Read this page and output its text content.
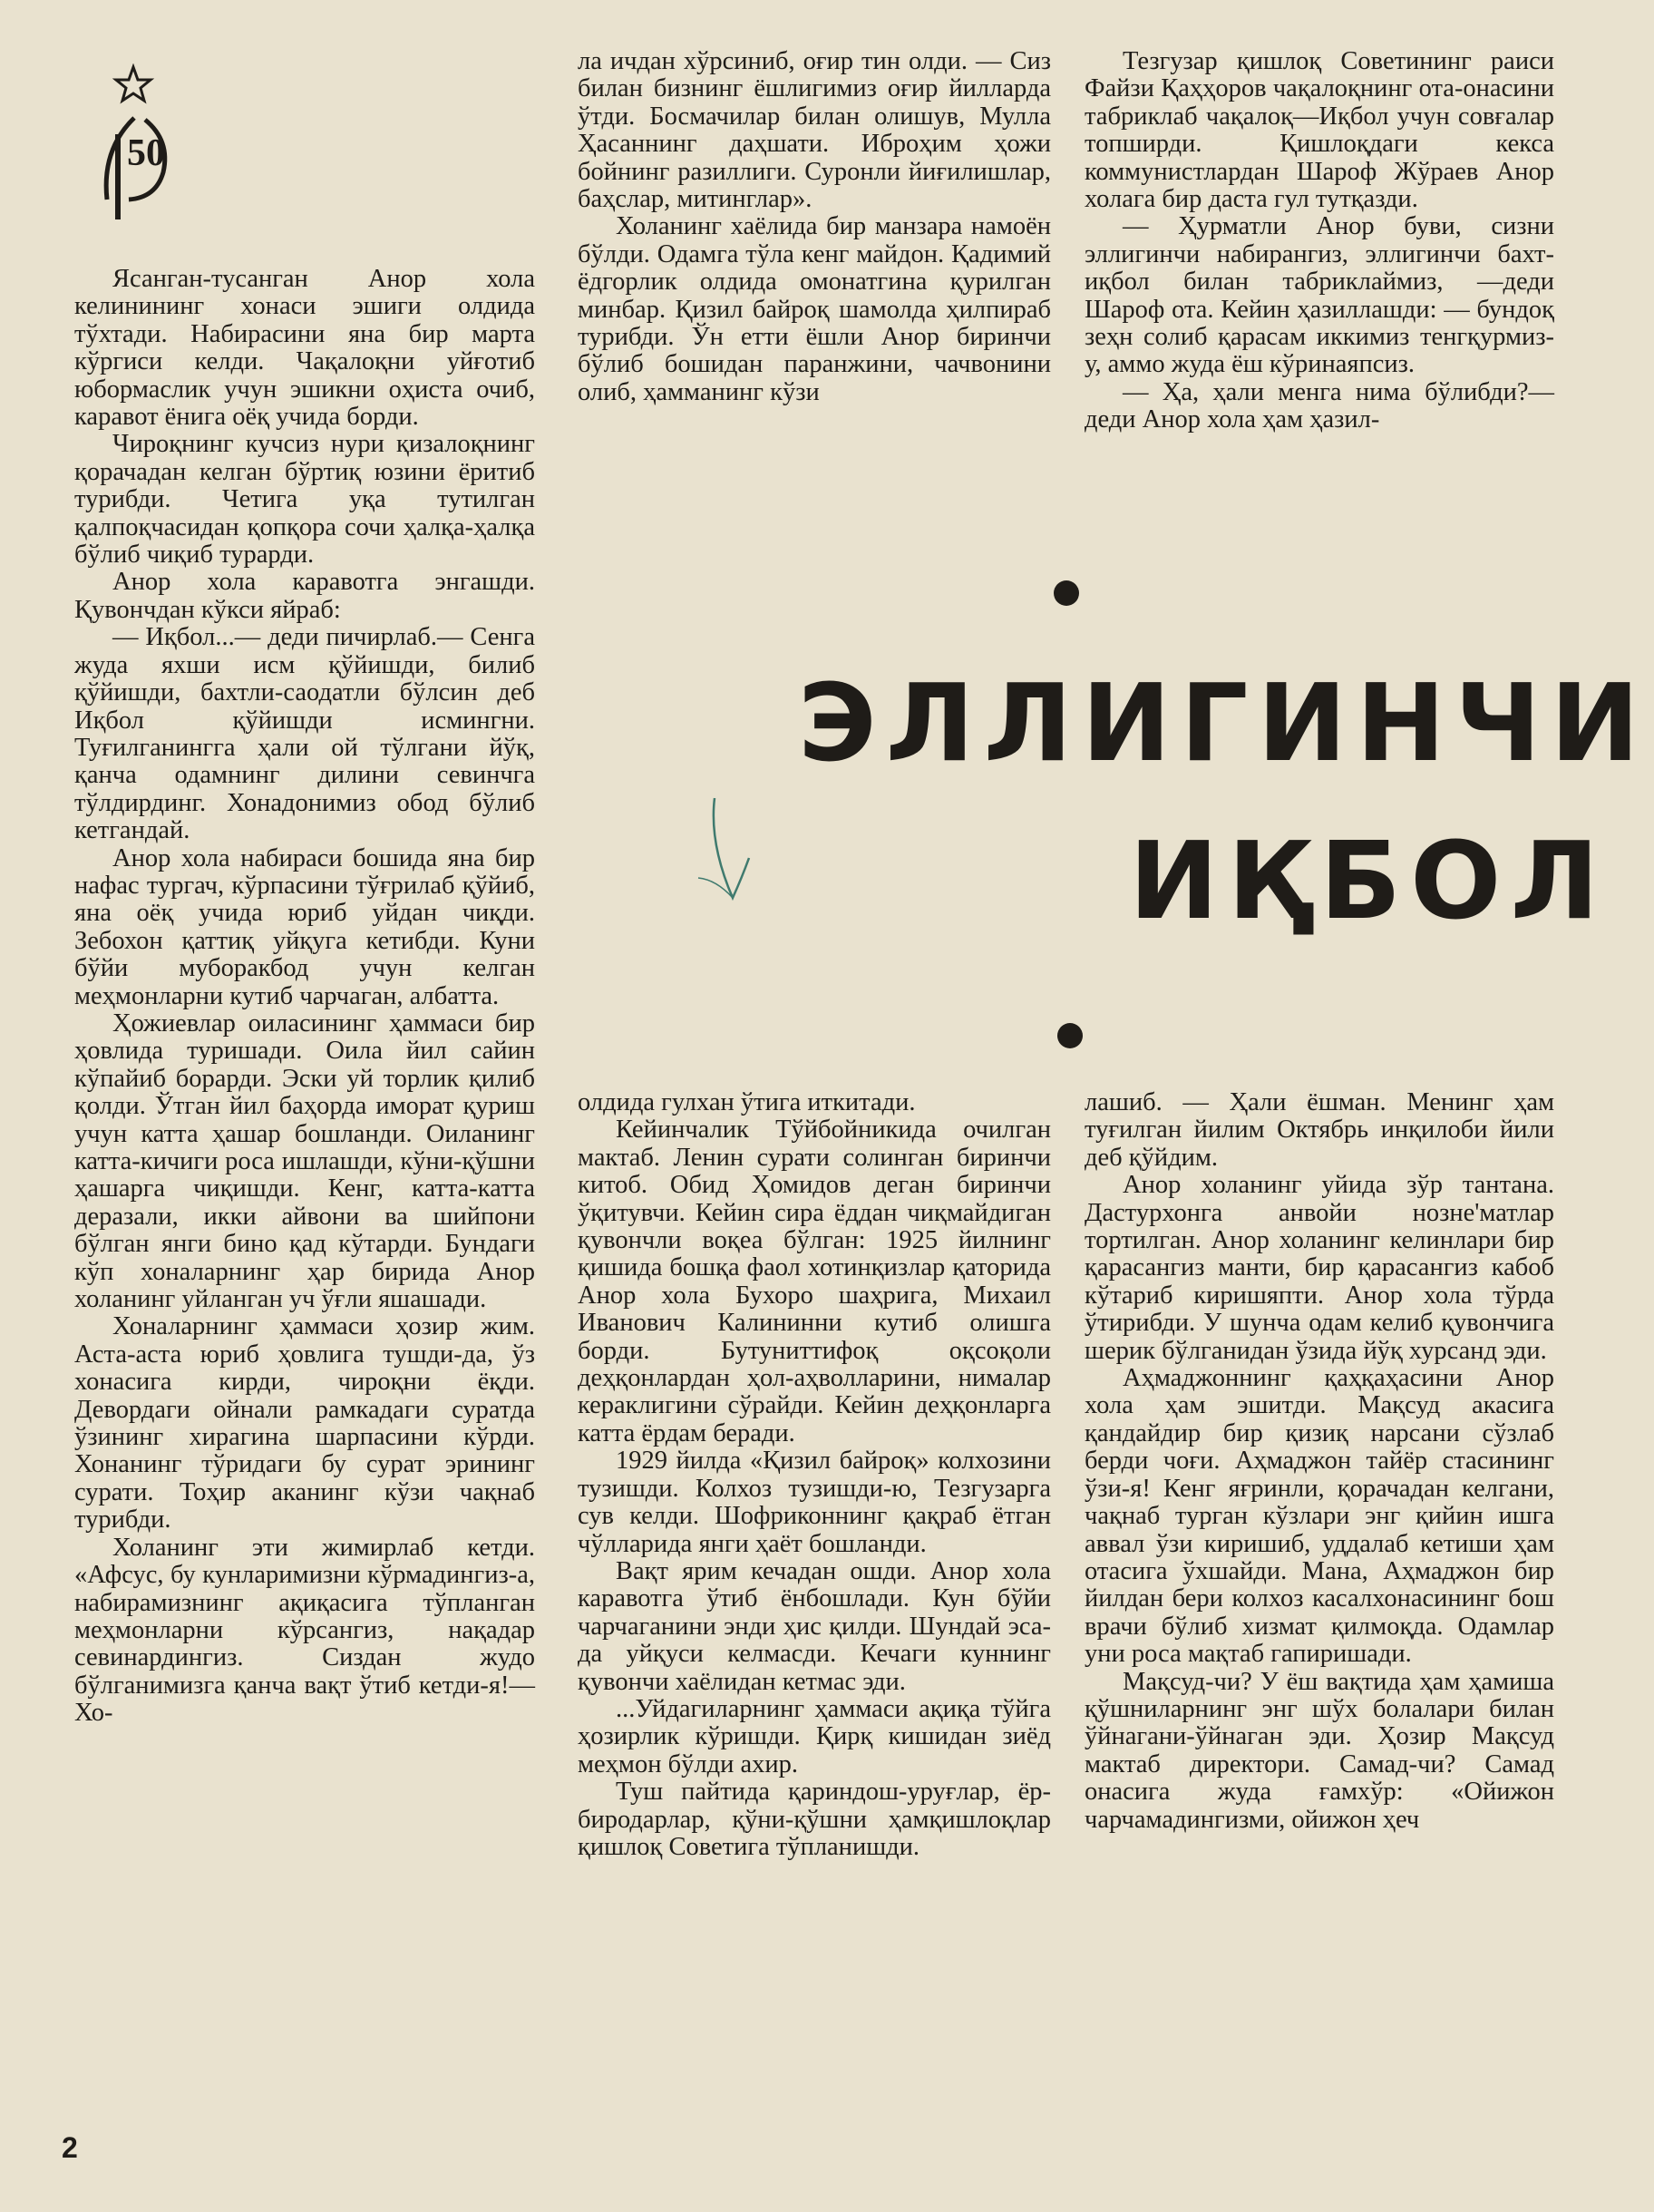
50

Ясанган-тусанган Анор хола келинининг хонаси эшиги олдида тўхтади. Набирасини яна бир марта кўргиси келди. Чақалоқни уйғотиб юбормаслик учун эшикни оҳиста очиб, каравот ёнига оёқ учида борди.

Чироқнинг кучсиз нури қизалоқнинг қорачадан келган бўртиқ юзини ёритиб турибди. Четига уқа тутилган қалпоқчасидан қопқора сочи ҳалқа-ҳалқа бўлиб чиқиб турарди.

Анор хола каравотга энгашди. Қувончдан кўкси яйраб:

— Иқбол...— деди пичирлаб.— Сенга жуда яхши исм қўйишди, билиб қўйишди, бахтли-саодатли бўлсин деб Иқбол қўйишди исмингни. Туғилганингга ҳали ой тўлгани йўқ, қанча одамнинг дилини севинчга тўлдирдинг. Хонадонимиз обод бўлиб кетгандай.

Анор хола набираси бошида яна бир нафас тургач, кўрпасини тўғрилаб қўйиб, яна оёқ учида юриб уйдан чиқди. Зебохон қаттиқ уйқуга кетибди. Куни бўйи муборакбод учун келган меҳмонларни кутиб чарчаган, албатта.

Ҳожиевлар оиласининг ҳаммаси бир ҳовлида туришади. Оила йил сайин кўпайиб борарди. Эски уй торлик қилиб қолди. Ўтган йил баҳорда иморат қуриш учун катта ҳашар бошланди. Оиланинг катта-кичиги роса ишлашди, кўни-қўшни ҳашарга чиқишди. Кенг, катта-катта деразали, икки айвони ва шийпони бўлган янги бино қад кўтарди. Бундаги кўп хоналарнинг ҳар бирида Анор холанинг уйланган уч ўғли яшашади.

Хоналарнинг ҳаммаси ҳозир жим. Аста-аста юриб ҳовлига тушди-да, ўз хонасига кирди, чироқни ёқди. Девордаги ойнали рамкадаги суратда ўзининг хирагина шарпасини кўрди. Хонанинг тўридаги бу сурат эрининг сурати. Тоҳир аканинг кўзи чақнаб турибди.

Холанинг эти жимирлаб кетди. «Афсус, бу кунларимизни кўрмадингиз-а, набирамизнинг ақиқасига тўпланган меҳмонларни кўрсангиз, нақадар севинардингиз. Сиздан жудо бўлганимизга қанча вақт ўтиб кетди-я!—Хо-

ла ичдан хўрсиниб, оғир тин олди. — Сиз билан бизнинг ёшлигимиз оғир йилларда ўтди. Босмачилар билан олишув, Мулла Ҳасаннинг даҳшати. Иброҳим ҳожи бойнинг разиллиги. Суронли йиғилишлар, баҳслар, митинглар».

Холанинг хаёлида бир манзара намоён бўлди. Одамга тўла кенг майдон. Қадимий ёдгорлик олдида омонатгина қурилган минбар. Қизил байроқ шамолда ҳилпираб турибди. Ўн етти ёшли Анор биринчи бўлиб бошидан паранжини, чачвонини олиб, ҳамманинг кўзи

Тезгузар қишлоқ Советининг раиси Файзи Қаҳҳоров чақалоқнинг ота-онасини табриклаб чақалоқ—Иқбол учун совғалар топширди. Қишлоқдаги кекса коммунистлардан Шароф Жўраев Анор холага бир даста гул тутқазди.

— Ҳурматли Анор буви, сизни эллигинчи набирангиз, эллигинчи бахт-иқбол билан табриклаймиз, —деди Шароф ота. Кейин ҳазиллашди: — бундоқ зеҳн солиб қарасам иккимиз тенгқурмиз-у, аммо жуда ёш кўринаяпсиз.

— Ҳа, ҳали менга нима бўлибди?—деди Анор хола ҳам ҳазил-

ЭЛЛИГИНЧИ
ИҚБОЛ

олдида гулхан ўтига иткитади.

Кейинчалик Тўйбойникида очилган мактаб. Ленин сурати солинган биринчи китоб. Обид Ҳомидов деган биринчи ўқитувчи. Кейин сира ёддан чиқмайдиган қувончли воқеа бўлган: 1925 йилнинг қишида бошқа фаол хотинқизлар қаторида Анор хола Бухоро шаҳрига, Михаил Иванович Калининни кутиб олишга борди. Бутуниттифоқ оқсоқоли деҳқонлардан ҳол-аҳволларини, нималар кераклигини сўрайди. Кейин деҳқонларга катта ёрдам беради.

1929 йилда «Қизил байроқ» колхозини тузишди. Колхоз тузишди-ю, Тезгузарга сув келди. Шофриконнинг қақраб ётган чўлларида янги ҳаёт бошланди.

Вақт ярим кечадан ошди. Анор хола каравотга ўтиб ёнбошлади. Кун бўйи чарчаганини энди ҳис қилди. Шундай эса-да уйқуси келмасди. Кечаги куннинг қувончи хаёлидан кетмас эди.

...Уйдагиларнинг ҳаммаси ақиқа тўйга ҳозирлик кўришди. Қирқ кишидан зиёд меҳмон бўлди ахир.

Туш пайтида қариндош-уруғлар, ёр-биродарлар, қўни-қўшни ҳамқишлоқлар қишлоқ Советига тўпланишди.

лашиб. — Ҳали ёшман. Менинг ҳам туғилган йилим Октябрь инқилоби йили деб қўйдим.

Анор холанинг уйида зўр тантана. Дастурхонга анвойи нозне'матлар тортилган. Анор холанинг келинлари бир қарасангиз манти, бир қарасангиз кабоб кўтариб киришяпти. Анор хола тўрда ўтирибди. У шунча одам келиб қувончига шерик бўлганидан ўзида йўқ хурсанд эди.

Аҳмаджоннинг қаҳқаҳасини Анор хола ҳам эшитди. Мақсуд акасига қандайдир бир қизиқ нарсани сўзлаб берди чоғи. Аҳмаджон тайёр стасининг ўзи-я! Кенг яғринли, қорачадан келгани, чақнаб турган кўзлари энг қийин ишга аввал ўзи киришиб, уддалаб кетиши ҳам отасига ўхшайди. Мана, Аҳмаджон бир йилдан бери колхоз касалхонасининг бош врачи бўлиб хизмат қилмоқда. Одамлар уни роса мақтаб гапиришади.

Мақсуд-чи? У ёш вақтида ҳам ҳамиша қўшниларнинг энг шўх болалари билан ўйнагани-ўйнаган эди. Ҳозир Мақсуд мактаб директори. Самад-чи? Самад онасига жуда ғамхўр: «Ойижон чарчамадингизми, ойижон ҳеч

2
